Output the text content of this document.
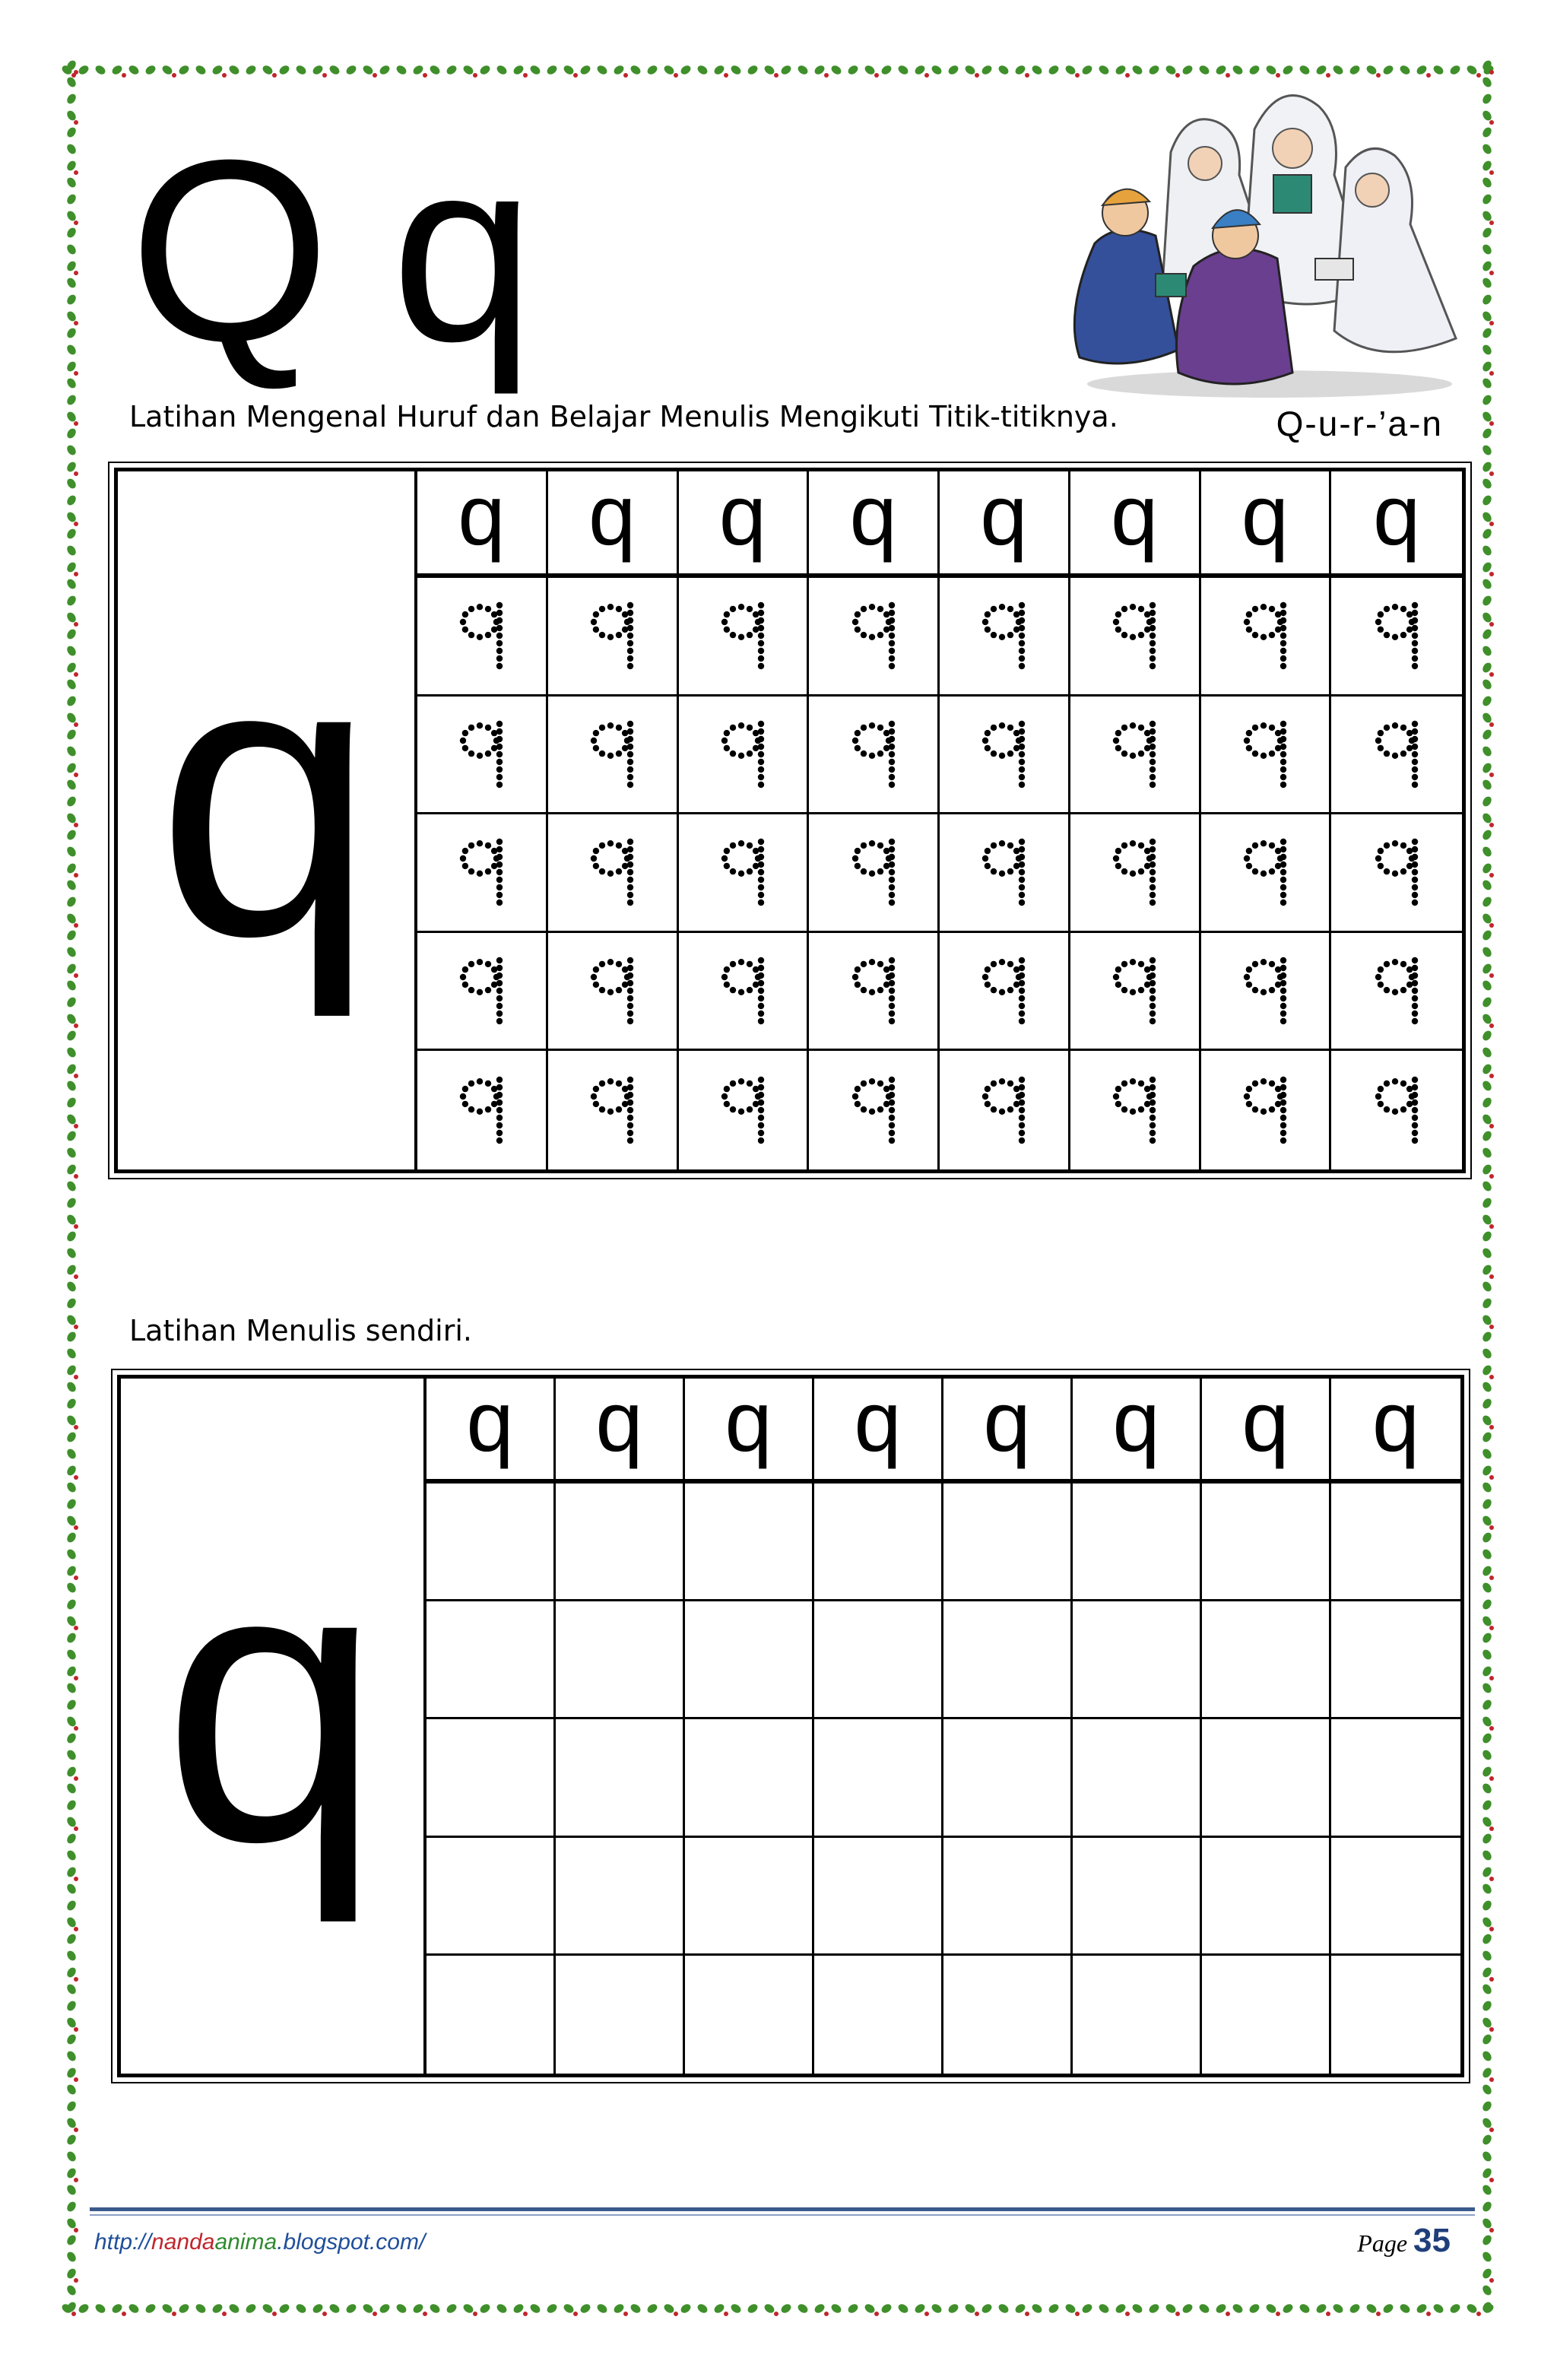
Q q
Latihan Mengenal Huruf dan Belajar Menulis Mengikuti Titik-titiknya.	Q-u-r-’a-n
q
q q q q q q q q
Latihan Menulis sendiri.
q
q q q q q q q q
http://nandaanima.blogspot.com/	Page 35
